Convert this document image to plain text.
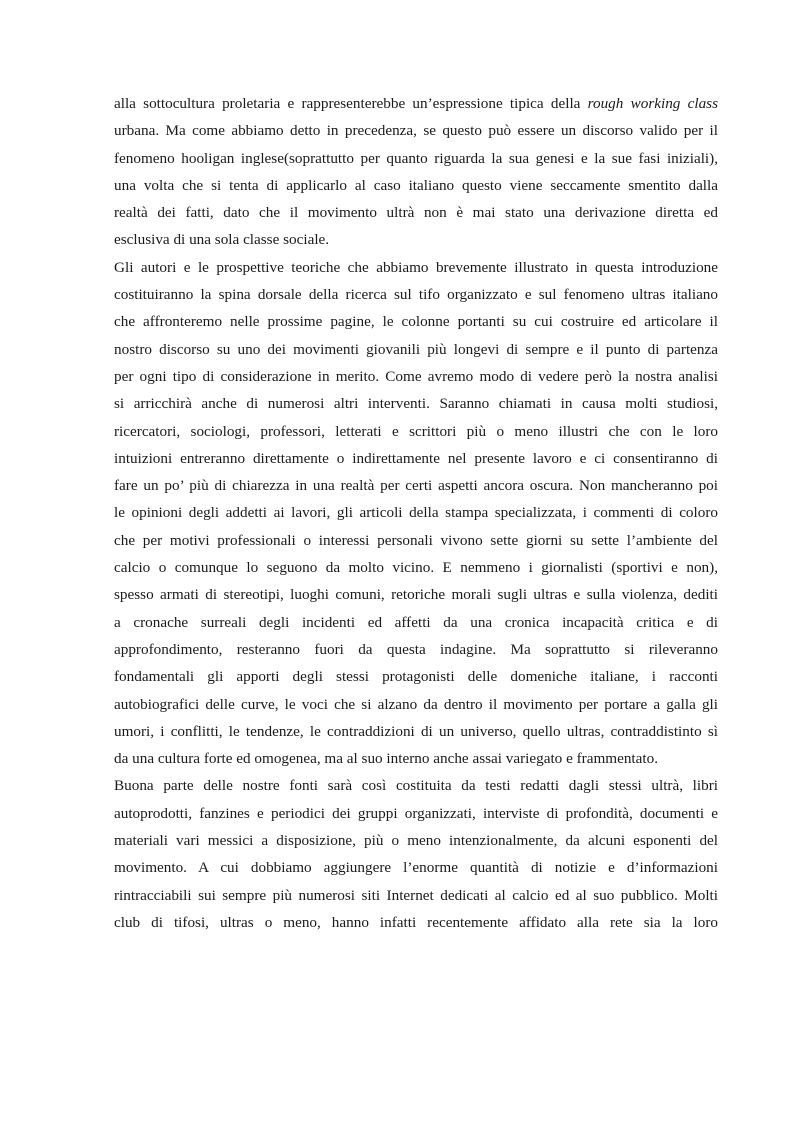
alla sottocultura proletaria e rappresenterebbe un’espressione tipica della rough working class
urbana. Ma come abbiamo detto in precedenza, se questo può essere un discorso valido per il
fenomeno hooligan inglese(soprattutto per quanto riguarda la sua genesi e la sue fasi iniziali),
una volta che si tenta di applicarlo al caso italiano questo viene seccamente smentito dalla
realtà dei fatti, dato che il movimento ultrà non è mai stato una derivazione diretta ed
esclusiva di una sola classe sociale.
Gli autori e le prospettive teoriche che abbiamo brevemente illustrato in questa introduzione
costituiranno la spina dorsale della ricerca sul tifo organizzato e sul fenomeno ultras italiano
che affronteremo nelle prossime pagine, le colonne portanti su cui costruire ed articolare il
nostro discorso su uno dei movimenti giovanili più longevi di sempre e il punto di partenza
per ogni tipo di considerazione in merito. Come avremo modo di vedere però la nostra analisi
si arricchirà anche di numerosi altri interventi. Saranno chiamati in causa molti studiosi,
ricercatori, sociologi, professori, letterati e scrittori più o meno illustri che con le loro
intuizioni entreranno direttamente o indirettamente nel presente lavoro e ci consentiranno di
fare un po’ più di chiarezza in una realtà per certi aspetti ancora oscura. Non mancheranno poi
le opinioni degli addetti ai lavori, gli articoli della stampa specializzata, i commenti di coloro
che per motivi professionali o interessi personali vivono sette giorni su sette l’ambiente del
calcio o comunque lo seguono da molto vicino. E nemmeno i giornalisti (sportivi e non),
spesso armati di stereotipi, luoghi comuni, retoriche morali sugli ultras e sulla violenza, dediti
a cronache surreali degli incidenti ed affetti da una cronica incapacità critica e di
approfondimento, resteranno fuori da questa indagine. Ma soprattutto si rileveranno
fondamentali gli apporti degli stessi protagonisti delle domeniche italiane, i racconti
autobiografici delle curve, le voci che si alzano da dentro il movimento per portare a galla gli
umori, i conflitti, le tendenze, le contraddizioni di un universo, quello ultras, contraddistinto sì
da una cultura forte ed omogenea, ma al suo interno anche assai variegato e frammentato.
Buona parte delle nostre fonti sarà così costituita da testi redatti dagli stessi ultrà, libri
autoprodotti, fanzines e periodici dei gruppi organizzati, interviste di profondità, documenti e
materiali vari messici a disposizione, più o meno intenzionalmente, da alcuni esponenti del
movimento. A cui dobbiamo aggiungere l’enorme quantità di notizie e d’informazioni
rintracciabili sui sempre più numerosi siti Internet dedicati al calcio ed al suo pubblico. Molti
club di tifosi, ultras o meno, hanno infatti recentemente affidato alla rete sia la loro
